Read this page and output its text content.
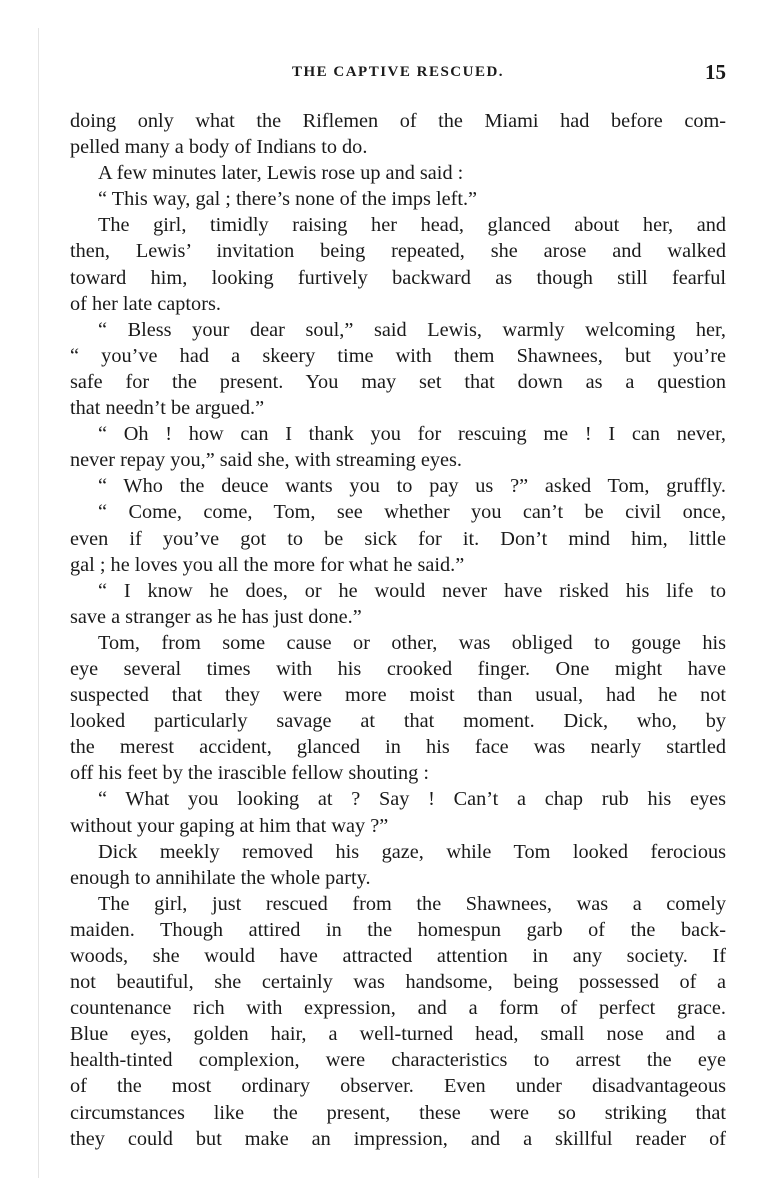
THE CAPTIVE RESCUED.	15
doing only what the Riflemen of the Miami had before com-
pelled many a body of Indians to do.
A few minutes later, Lewis rose up and said :
“ This way, gal ; there’s none of the imps left.”
The girl, timidly raising her head, glanced about her, and
then, Lewis’ invitation being repeated, she arose and walked
toward him, looking furtively backward as though still fearful
of her late captors.
“ Bless your dear soul,” said Lewis, warmly welcoming her,
“ you’ve had a skeery time with them Shawnees, but you’re
safe for the present. You may set that down as a question
that needn’t be argued.”
“ Oh ! how can I thank you for rescuing me ! I can never,
never repay you,” said she, with streaming eyes.
“ Who the deuce wants you to pay us ?” asked Tom, gruffly.
“ Come, come, Tom, see whether you can’t be civil once,
even if you’ve got to be sick for it. Don’t mind him, little
gal ; he loves you all the more for what he said.”
“ I know he does, or he would never have risked his life to
save a stranger as he has just done.”
Tom, from some cause or other, was obliged to gouge his
eye several times with his crooked finger. One might have
suspected that they were more moist than usual, had he not
looked particularly savage at that moment. Dick, who, by
the merest accident, glanced in his face was nearly startled
off his feet by the irascible fellow shouting :
“ What you looking at ? Say ! Can’t a chap rub his eyes
without your gaping at him that way ?”
Dick meekly removed his gaze, while Tom looked ferocious
enough to annihilate the whole party.
The girl, just rescued from the Shawnees, was a comely
maiden. Though attired in the homespun garb of the back-
woods, she would have attracted attention in any society. If
not beautiful, she certainly was handsome, being possessed of a
countenance rich with expression, and a form of perfect grace.
Blue eyes, golden hair, a well-turned head, small nose and a
health-tinted complexion, were characteristics to arrest the eye
of the most ordinary observer. Even under disadvantageous
circumstances like the present, these were so striking that
they could but make an impression, and a skillful reader of
